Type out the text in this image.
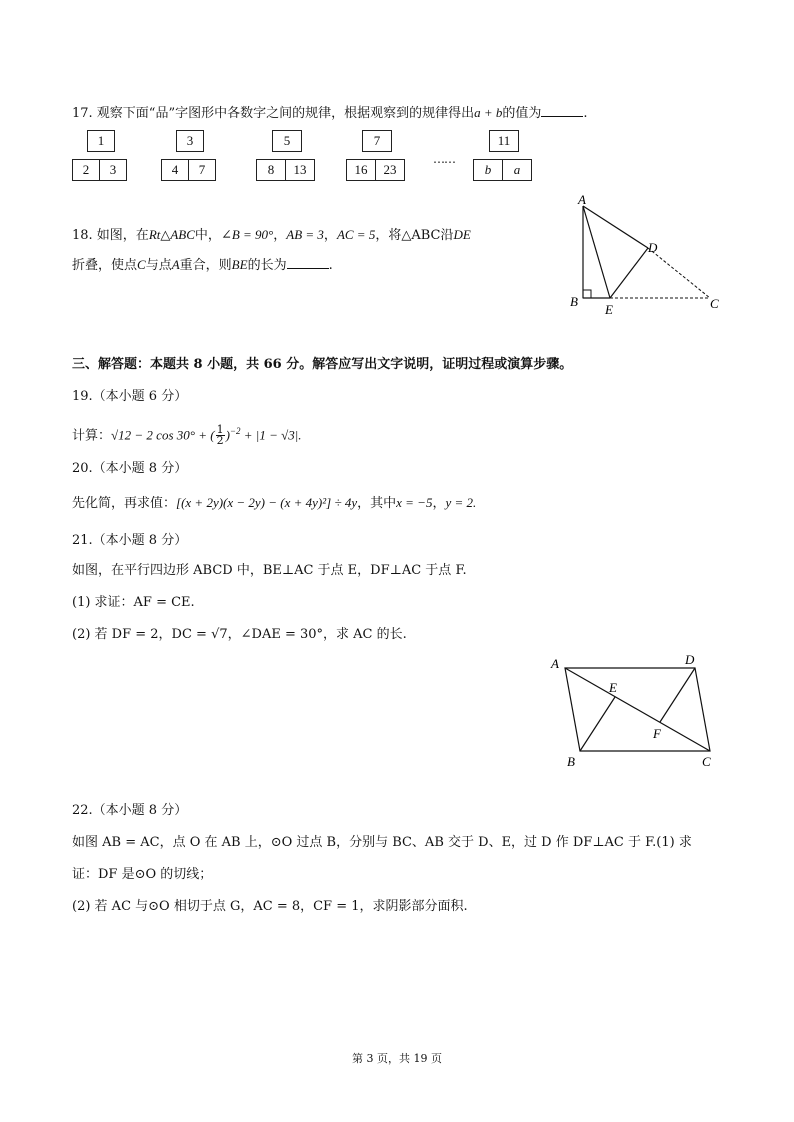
17. 观察下面“品”字图形中各数字之间的规律，根据观察到的规律得出a + b的值为	.
1
2	3
3
4	7
5
8	13
7
16	23
11
b	a
……
18. 如图，在Rt△ABC中，∠B = 90°，AB = 3，AC = 5，将△ABC沿DE
折叠，使点C与点A重合，则BE的长为	.
A
B	C
D
E
三、解答题：本题共 8 小题，共 66 分。解答应写出文字说明，证明过程或演算步骤。
19.（本小题 6 分）
计算：√12 − 2 cos 30° + ( $\frac{1}{2} )^{-2} + |1 - √3|$.
20.（本小题 8 分）
先化简，再求值：[(x + 2y)(x − 2y) − (x + 4y)²] ÷ 4y，其中x = −5，y = 2.
21.（本小题 8 分）
如图，在平行四边形 ABCD 中，BE⊥AC 于点 E，DF⊥AC 于点 F.
(1) 求证：AF = CE.
(2) 若 DF = 2，DC = √7，∠DAE = 30°，求 AC 的长.
A	D
E
F
B	C
22.（本小题 8 分）
如图 AB = AC，点 O 在 AB 上，⊙O 过点 B，分别与 BC、AB 交于 D、E，过 D 作 DF⊥AC 于 F.(1) 求
证：DF 是⊙O 的切线；
(2) 若 AC 与⊙O 相切于点 G，AC = 8，CF = 1，求阴影部分面积.
第 3 页，共 19 页
